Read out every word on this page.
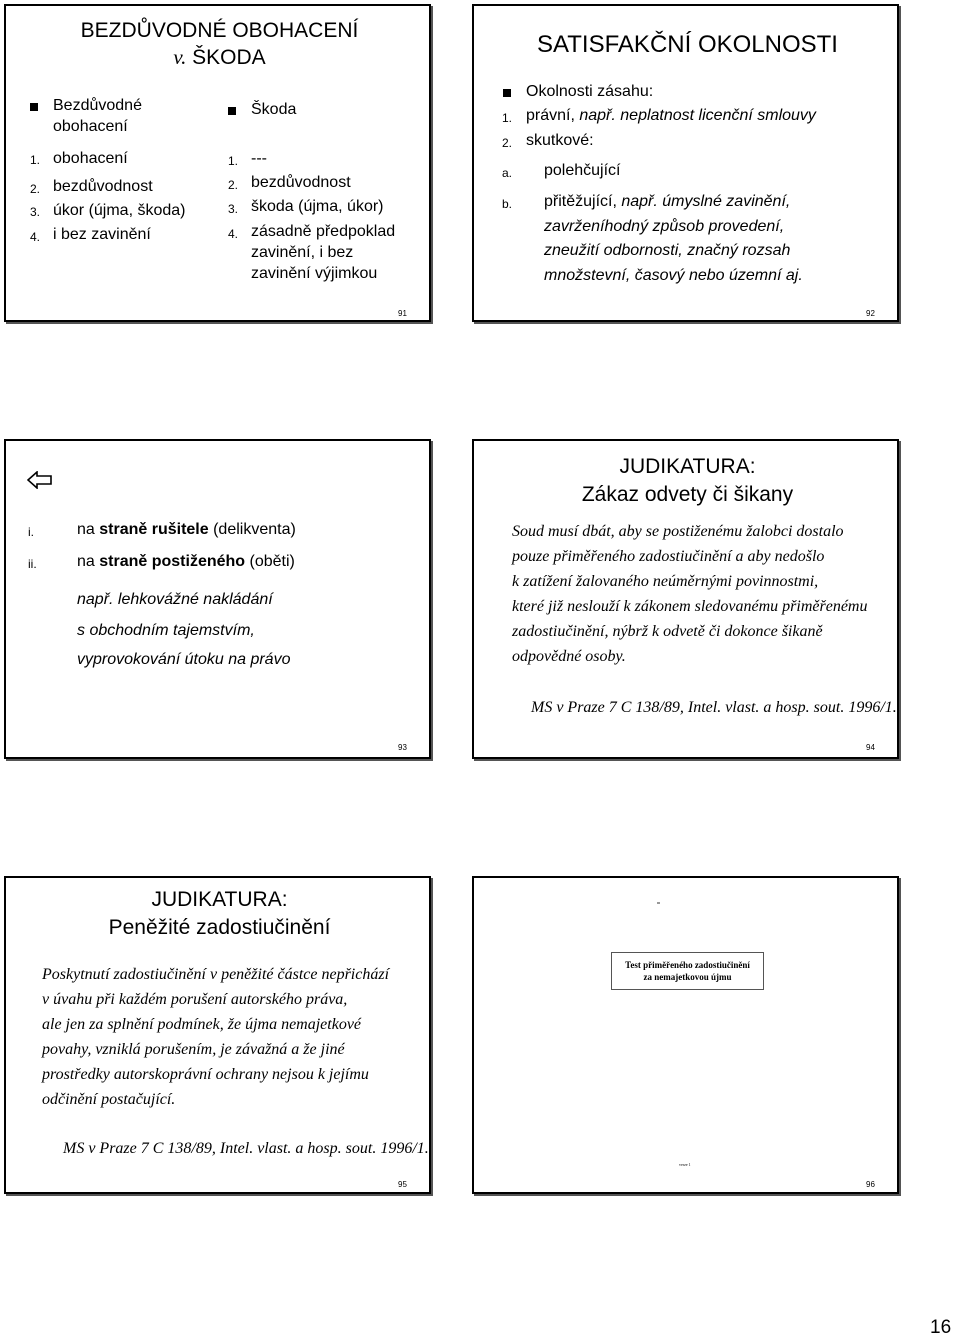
BEZDŮVODNÉ OBOHACENÍ
v. ŠKODA
Bezdůvodné
obohacení
1. obohacení
2. bezdůvodnost
3. úkor (újma, škoda)
4. i bez zavinění
Škoda
1. ---
2. bezdůvodnost
3. škoda (újma, úkor)
4. zásadně předpoklad
zavinění, i bez
zavinění výjimkou
91
SATISFAKČNÍ OKOLNOSTI
Okolnosti zásahu:
1. právní, např. neplatnost licenční smlouvy
2. skutkové:
a. polehčující
b. přitěžující, např. úmyslné zavinění,
zavrženíhodný způsob provedení,
zneužití odbornosti, značný rozsah
množstevní, časový nebo územní aj.
92
i.	na straně rušitele (delikventa)
ii.	na straně postiženého (oběti)
např. lehkovážné nakládání
s obchodním tajemstvím,
vyprovokování útoku na právo
93
JUDIKATURA:
Zákaz odvety či šikany
Soud musí dbát, aby se postiženému žalobci dostalo
pouze přiměřeného zadostiučinění a aby nedošlo
k zatížení žalovaného neúměrnými povinnostmi,
které již neslouží k zákonem sledovanému přiměřenému
zadostiučinění, nýbrž k odvetě či dokonce šikaně
odpovědné osoby.
MS v Praze 7 C 138/89, Intel. vlast. a hosp. sout. 1996/1.
94
JUDIKATURA:
Peněžité zadostiučinění
Poskytnutí zadostiučinění v peněžité částce nepřichází
v úvahu při každém porušení autorského práva,
ale jen za splnění podmínek, že újma nemajetkové
povahy, vzniklá porušením, je závažná a že jiné
prostředky autorskoprávní ochrany nejsou k jejímu
odčinění postačující.
MS v Praze 7 C 138/89, Intel. vlast. a hosp. sout. 1996/1.
95
Test přiměřeného zadostiučinění
za nemajetkovou újmu
verze 1
96
16
